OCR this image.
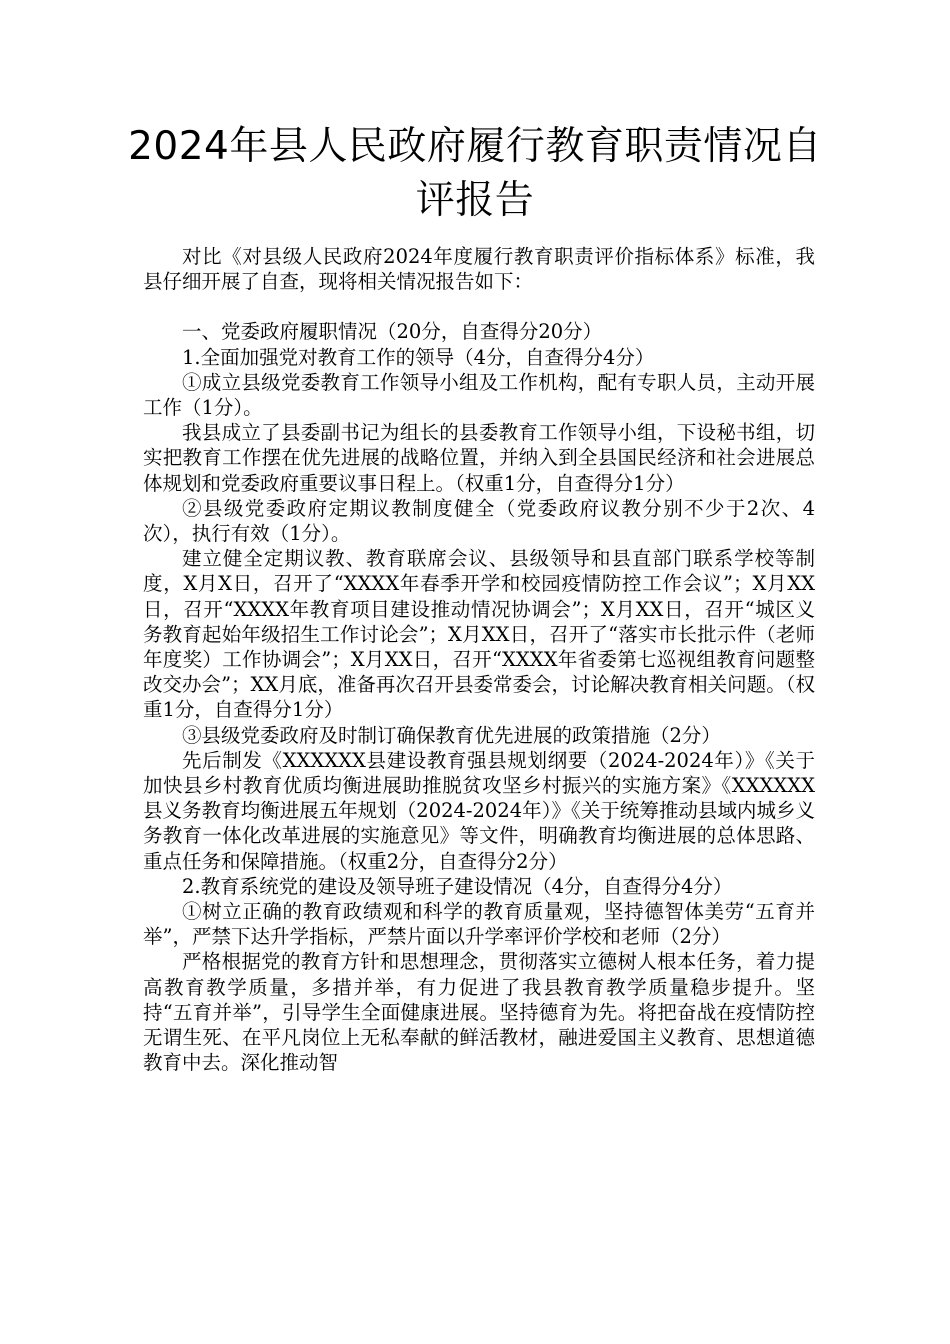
2024年县人民政府履行教育职责情况自评报告

对比《对县级人民政府2024年度履行教育职责评价指标体系》标准，我县仔细开展了自查，现将相关情况报告如下：

一、党委政府履职情况（20分，自查得分20分）

1.全面加强党对教育工作的领导（4分，自查得分4分）

①成立县级党委教育工作领导小组及工作机构，配有专职人员，主动开展工作（1分）。

我县成立了县委副书记为组长的县委教育工作领导小组，下设秘书组，切实把教育工作摆在优先进展的战略位置，并纳入到全县国民经济和社会进展总体规划和党委政府重要议事日程上。（权重1分，自查得分1分）

②县级党委政府定期议教制度健全（党委政府议教分别不少于2次、4次），执行有效（1分）。

建立健全定期议教、教育联席会议、县级领导和县直部门联系学校等制度，X月X日，召开了“XXXX年春季开学和校园疫情防控工作会议”；X月XX日，召开“XXXX年教育项目建设推动情况协调会”；X月XX日，召开“城区义务教育起始年级招生工作讨论会”；X月XX日，召开了“落实市长批示件（老师年度奖）工作协调会”；X月XX日，召开“XXXX年省委第七巡视组教育问题整改交办会”；XX月底，准备再次召开县委常委会，讨论解决教育相关问题。（权重1分，自查得分1分）

③县级党委政府及时制订确保教育优先进展的政策措施（2分）

先后制发《XXXXXX县建设教育强县规划纲要（2024-2024年）》《关于加快县乡村教育优质均衡进展助推脱贫攻坚乡村振兴的实施方案》《XXXXXX县义务教育均衡进展五年规划（2024-2024年）》《关于统筹推动县域内城乡义务教育一体化改革进展的实施意见》等文件，明确教育均衡进展的总体思路、重点任务和保障措施。（权重2分，自查得分2分）

2.教育系统党的建设及领导班子建设情况（4分，自查得分4分）

①树立正确的教育政绩观和科学的教育质量观，坚持德智体美劳“五育并举”，严禁下达升学指标，严禁片面以升学率评价学校和老师（2分）

严格根据党的教育方针和思想理念，贯彻落实立德树人根本任务，着力提高教育教学质量，多措并举，有力促进了我县教育教学质量稳步提升。坚持“五育并举”，引导学生全面健康进展。坚持德育为先。将把奋战在疫情防控无谓生死、在平凡岗位上无私奉献的鲜活教材，融进爱国主义教育、思想道德教育中去。深化推动智
